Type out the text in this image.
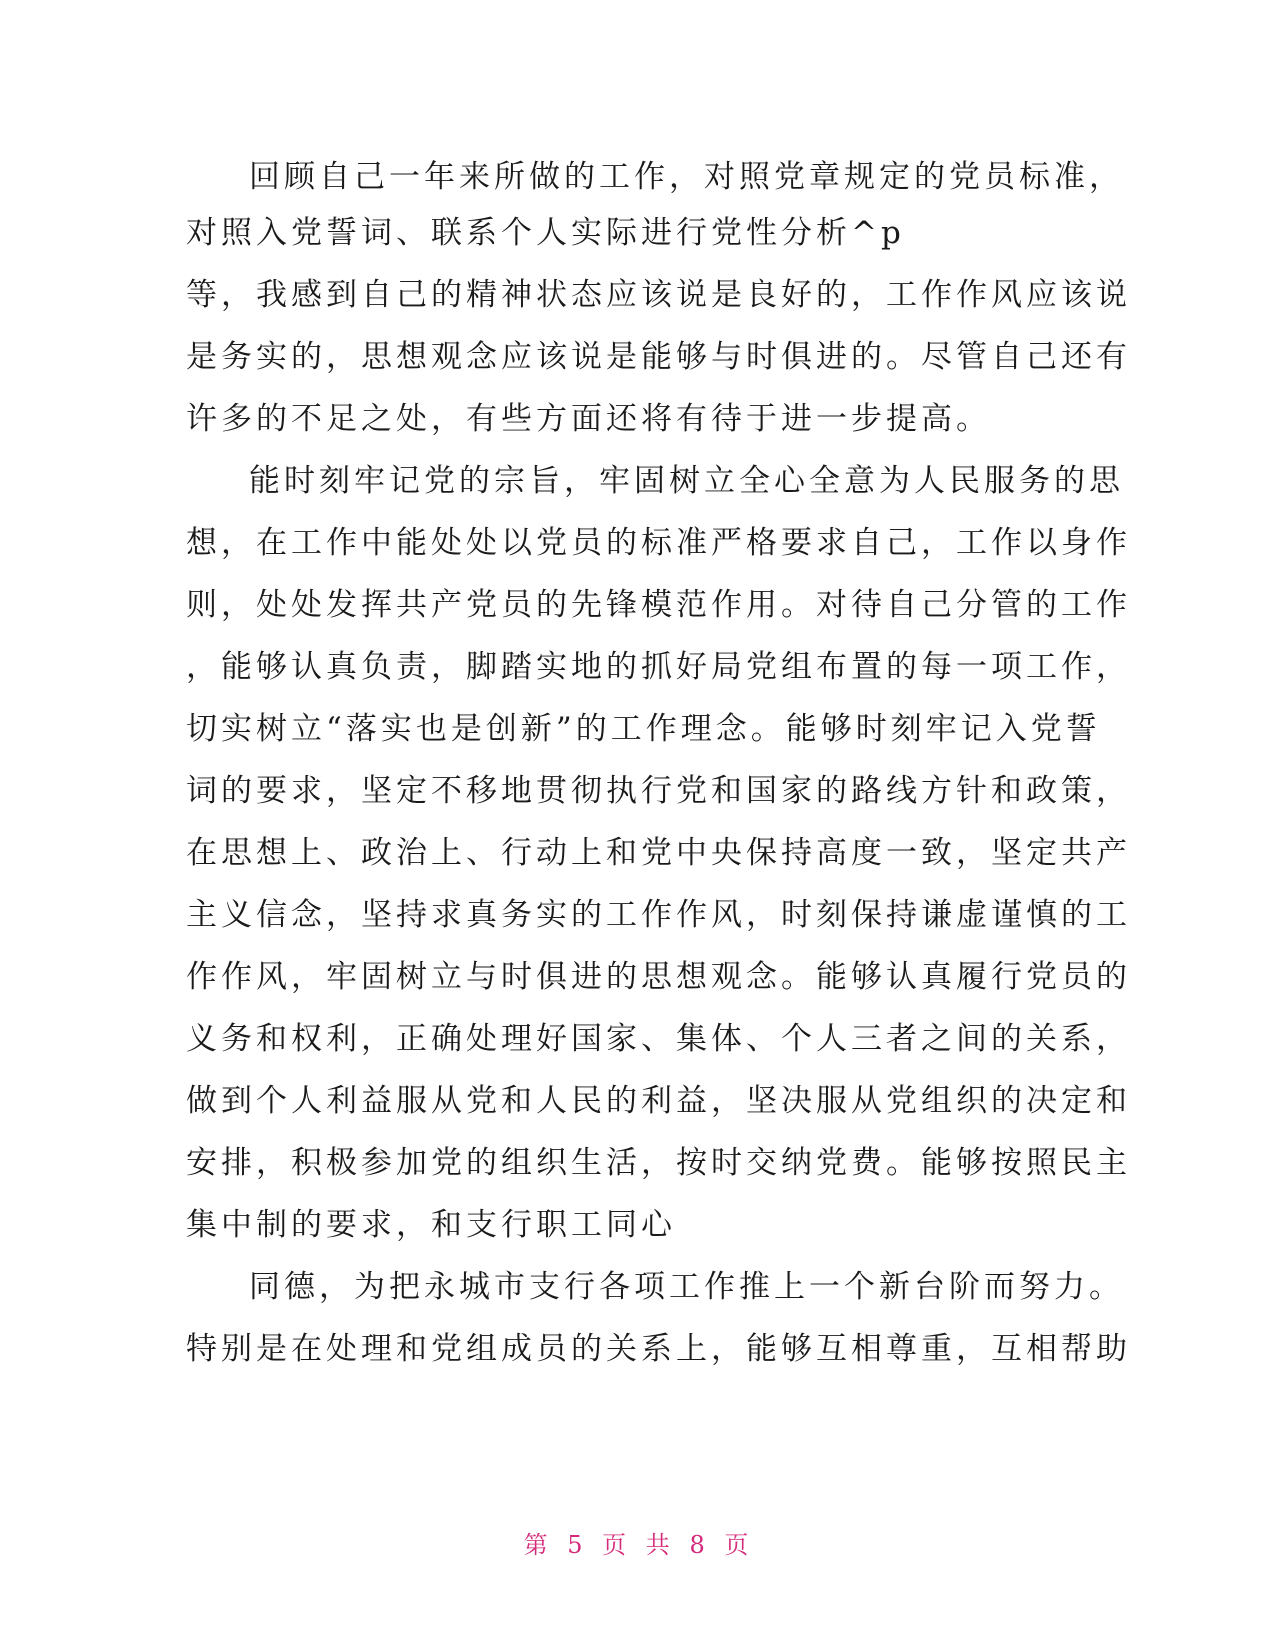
回顾自己一年来所做的工作，对照党章规定的党员标准，
对照入党誓词、联系个人实际进行党性分析^p
等，我感到自己的精神状态应该说是良好的，工作作风应该说
是务实的，思想观念应该说是能够与时俱进的。尽管自己还有
许多的不足之处，有些方面还将有待于进一步提高。
能时刻牢记党的宗旨，牢固树立全心全意为人民服务的思
想，在工作中能处处以党员的标准严格要求自己，工作以身作
则，处处发挥共产党员的先锋模范作用。对待自己分管的工作
，能够认真负责，脚踏实地的抓好局党组布置的每一项工作，
切实树立“落实也是创新”的工作理念。能够时刻牢记入党誓
词的要求，坚定不移地贯彻执行党和国家的路线方针和政策，
在思想上、政治上、行动上和党中央保持高度一致，坚定共产
主义信念，坚持求真务实的工作作风，时刻保持谦虚谨慎的工
作作风，牢固树立与时俱进的思想观念。能够认真履行党员的
义务和权利，正确处理好国家、集体、个人三者之间的关系，
做到个人利益服从党和人民的利益，坚决服从党组织的决定和
安排，积极参加党的组织生活，按时交纳党费。能够按照民主
集中制的要求，和支行职工同心
同德，为把永城市支行各项工作推上一个新台阶而努力。
特别是在处理和党组成员的关系上，能够互相尊重，互相帮助
第 5 页 共 8 页
